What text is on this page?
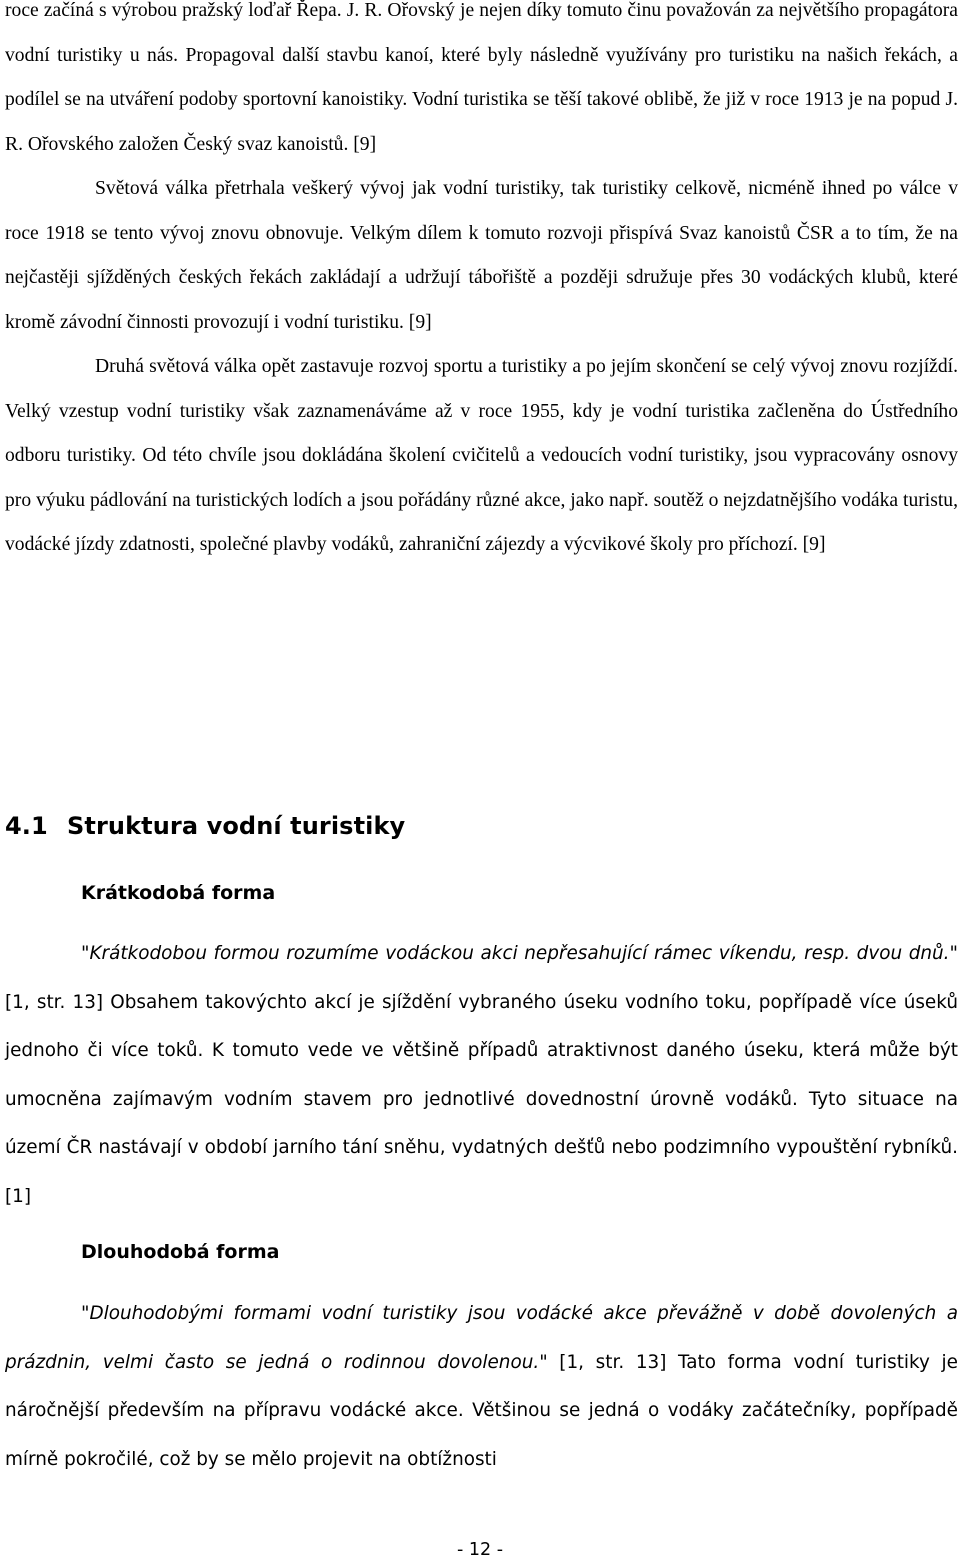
roce začíná s výrobou pražský loďař Řepa. J. R. Ořovský je nejen díky tomuto činu považován za největšího propagátora vodní turistiky u nás. Propagoval další stavbu kanoí, které byly následně využívány pro turistiku na našich řekách, a podílel se na utváření podoby sportovní kanoistiky. Vodní turistika se těší takové oblibě, že již v roce 1913 je na popud J. R. Ořovského založen Český svaz kanoistů. [9]

Světová válka přetrhala veškerý vývoj jak vodní turistiky, tak turistiky celkově, nicméně ihned po válce v roce 1918 se tento vývoj znovu obnovuje. Velkým dílem k tomuto rozvoji přispívá Svaz kanoistů ČSR a to tím, že na nejčastěji sjížděných českých řekách zakládají a udržují tábořiště a později sdružuje přes 30 vodáckých klubů, které kromě závodní činnosti provozují i vodní turistiku. [9]

Druhá světová válka opět zastavuje rozvoj sportu a turistiky a po jejím skončení se celý vývoj znovu rozjíždí. Velký vzestup vodní turistiky však zaznamenáváme až v roce 1955, kdy je vodní turistika začleněna do Ústředního odboru turistiky. Od této chvíle jsou dokládána školení cvičitelů a vedoucích vodní turistiky, jsou vypracovány osnovy pro výuku pádlování na turistických lodích a jsou pořádány různé akce, jako např. soutěž o nejzdatnějšího vodáka turistu, vodácké jízdy zdatnosti, společné plavby vodáků, zahraniční zájezdy a výcvikové školy pro příchozí. [9]

4.1 Struktura vodní turistiky
Krátkodobá forma

"Krátkodobou formou rozumíme vodáckou akci nepřesahující rámec víkendu, resp. dvou dnů." [1, str. 13] Obsahem takovýchto akcí je sjíždění vybraného úseku vodního toku, popřípadě více úseků jednoho či více toků. K tomuto vede ve většině případů atraktivnost daného úseku, která může být umocněna zajímavým vodním stavem pro jednotlivé dovednostní úrovně vodáků. Tyto situace na území ČR nastávají v období jarního tání sněhu, vydatných dešťů nebo podzimního vypouštění rybníků. [1]

Dlouhodobá forma

"Dlouhodobými formami vodní turistiky jsou vodácké akce převážně v době dovolených a prázdnin, velmi často se jedná o rodinnou dovolenou." [1, str. 13] Tato forma vodní turistiky je náročnější především na přípravu vodácké akce. Většinou se jedná o vodáky začátečníky, popřípadě mírně pokročilé, což by se mělo projevit na obtížnosti

- 12 -
